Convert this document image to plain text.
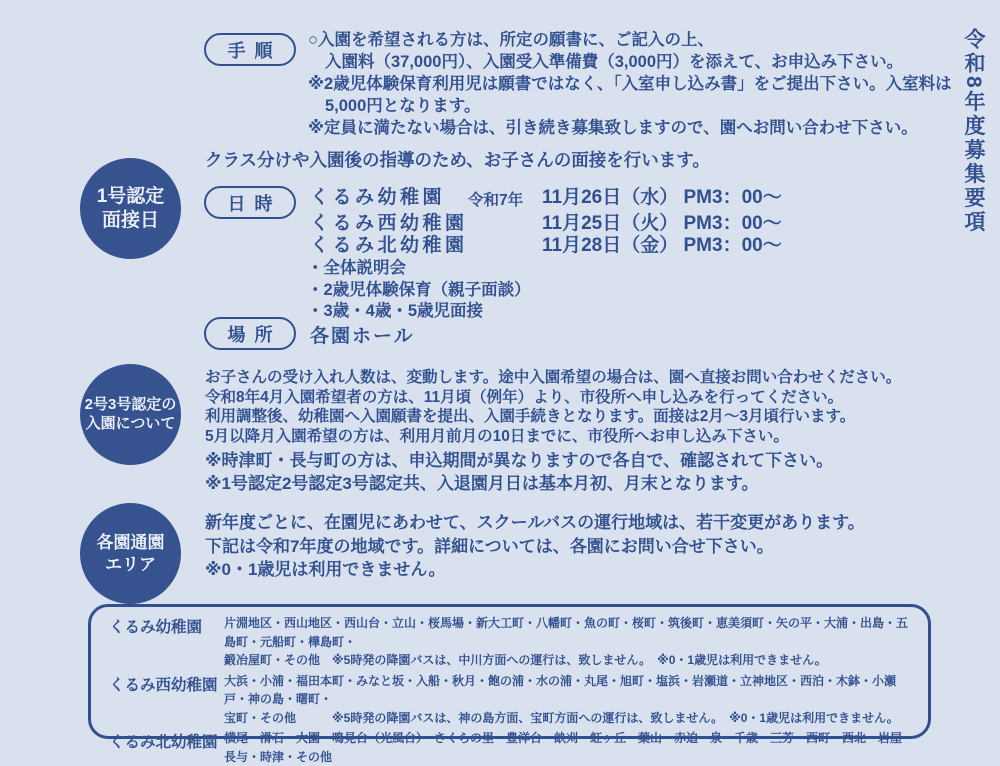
令和8年度募集要項
手順
○入園を希望される方は、所定の願書に、ご記入の上、
入園料（37,000円）、入園受入準備費（3,000円）を添えて、お申込み下さい。
※2歳児体験保育利用児は願書ではなく、「入室申し込み書」をご提出下さい。入室料は
5,000円となります。
※定員に満たない場合は、引き続き募集致しますので、園へお問い合わせ下さい。
1号認定
面接日
クラス分けや入園後の指導のため、お子さんの面接を行います。
日時 くるみ幼稚園	令和7年 11月26日（水） PM3：00～
くるみ西幼稚園	11月25日（火） PM3：00～
くるみ北幼稚園	11月28日（金） PM3：00～
・全体説明会
・2歳児体験保育（親子面談）
・3歳・4歳・5歳児面接
場所 各園ホール
2号3号認定の
入園について
お子さんの受け入れ人数は、変動します。途中入園希望の場合は、園へ直接お問い合わせください。
令和8年4月入園希望者の方は、11月頃（例年）より、市役所へ申し込みを行ってください。
利用調整後、幼稚園へ入園願書を提出、入園手続きとなります。面接は2月～3月頃行います。
5月以降月入園希望の方は、利用月前月の10日までに、市役所へお申し込み下さい。
※時津町・長与町の方は、申込期間が異なりますので各自で、確認されて下さい。
※1号認定2号認定3号認定共、入退園月日は基本月初、月末となります。
各園通園
エリア
新年度ごとに、在園児にあわせて、スクールバスの運行地域は、若干変更があります。
下記は令和7年度の地域です。詳細については、各園にお問い合せ下さい。
※0・1歳児は利用できません。
くるみ幼稚園	片淵地区・西山地区・西山台・立山・桜馬場・新大工町・八幡町・魚の町・桜町・筑後町・恵美須町・矢の平・大浦・出島・五島町・元船町・樺島町・
鍛冶屋町・その他　※5時発の降園バスは、中川方面への運行は、致しません。　※0・1歳児は利用できません。
くるみ西幼稚園 大浜・小浦・福田本町・みなと坂・入船・秋月・飽の浦・水の浦・丸尾・旭町・塩浜・岩瀬道・立神地区・西泊・木鉢・小瀬戸・神の島・曙町・
宝町・その他　　　※5時発の降園バスは、神の島方面、宝町方面への運行は、致しません。　※0・1歳児は利用できません。
くるみ北幼稚園 横尾・滑石・大園・鳴見台（光風台）・さくらの里・豊洋台・畝刈・虹ヶ丘・葉山・赤迫・泉・千歳・三芳・西町・西北・岩屋・長与・時津・その他
